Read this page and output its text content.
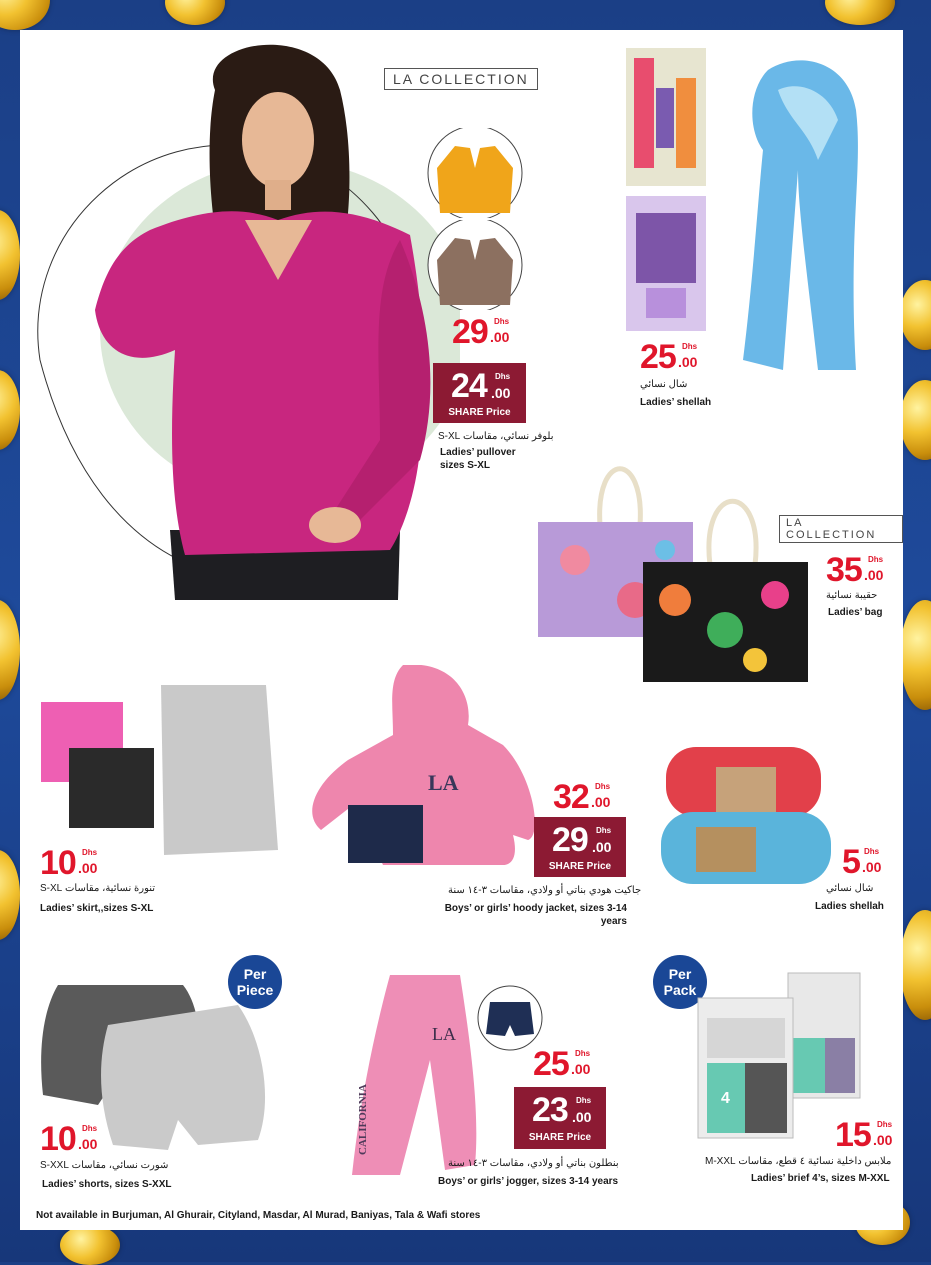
LA COLLECTION
29 Dhs
.00
24 Dhs
.00
SHARE Price
بلوفر نسائي، مقاسات S-XL
Ladies’ pullover
sizes S-XL
25 Dhs
.00
شال نسائي
Ladies’ shellah
LA COLLECTION
35 Dhs
.00
حقيبة نسائية
Ladies’ bag
10 Dhs
.00
تنورة نسائية، مقاسات S-XL
Ladies’ skirt,,sizes S-XL
LA	32 Dhs
.00
29 Dhs
.00
SHARE Price
جاكيت هودي بناتي أو ولادي، مقاسات ٣-١٤ سنة
Boys’ or girls’ hoody jacket, sizes 3-14
years
5 Dhs
.00
شال نسائي
Ladies shellah
Per
Piece
10 Dhs
.00
شورت نسائي، مقاسات S-XXL
Ladies’ shorts, sizes S-XXL
LA
CALIFORNIA
25 Dhs
.00
23 Dhs
.00
SHARE Price
بنطلون بناتي أو ولادي، مقاسات ٣-١٤ سنة
Boys’ or girls’ jogger, sizes 3-14 years
Per
Pack
4
15 Dhs
.00
ملابس داخلية نسائية ٤ قطع، مقاسات M-XXL
Ladies’ brief 4’s, sizes M-XXL
Not available in Burjuman, Al Ghurair, Cityland, Masdar, Al Murad, Baniyas, Tala & Wafi stores
